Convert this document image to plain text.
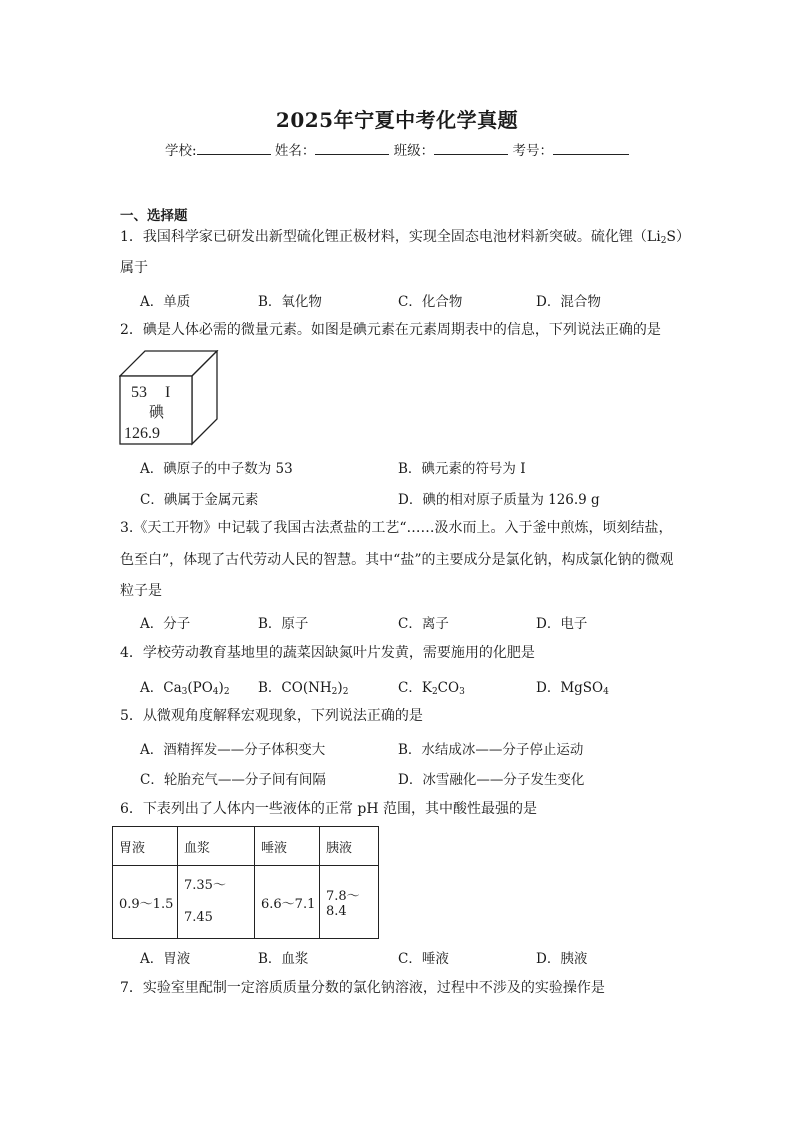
2025年宁夏中考化学真题
学校:	姓名：	班级：	考号：
一、选择题
1．我国科学家已研发出新型硫化锂正极材料，实现全固态电池材料新突破。硫化锂$(Li_2S)$
属于
A．单质	B．氧化物	C．化合物	D．混合物
2．碘是人体必需的微量元素。如图是碘元素在元素周期表中的信息，下列说法正确的是
53 I
碘
126.9
A．碘原子的中子数为 53	B．碘元素的符号为 I
C．碘属于金属元素	D．碘的相对原子质量为 126.9 g
3.《天工开物》中记载了我国古法煮盐的工艺“……汲水而上。入于釜中煎炼，顷刻结盐，
色至白”，体现了古代劳动人民的智慧。其中“盐”的主要成分是氯化钠，构成氯化钠的微观
粒子是
A．分子	B．原子	C．离子	D．电子
4．学校劳动教育基地里的蔬菜因缺氮叶片发黄，需要施用的化肥是
A．$Ca_3(PO_4)_2$ B．$CO(NH_2)_2$	C．$K_2CO_3$	D．MgSO$_4$
5．从微观角度解释宏观现象，下列说法正确的是
A．酒精挥发——分子体积变大	B．水结成冰——分子停止运动
C．轮胎充气——分子间有间隔	D．冰雪融化——分子发生变化
6．下表列出了人体内一些液体的正常 pH 范围，其中酸性最强的是
胃液	血浆	唾液	胰液
0.9～1.5	7.35～
7.45	6.6～7.1	7.8～8.4
A．胃液	B．血浆	C．唾液	D．胰液
7．实验室里配制一定溶质质量分数的氯化钠溶液，过程中不涉及的实验操作是
